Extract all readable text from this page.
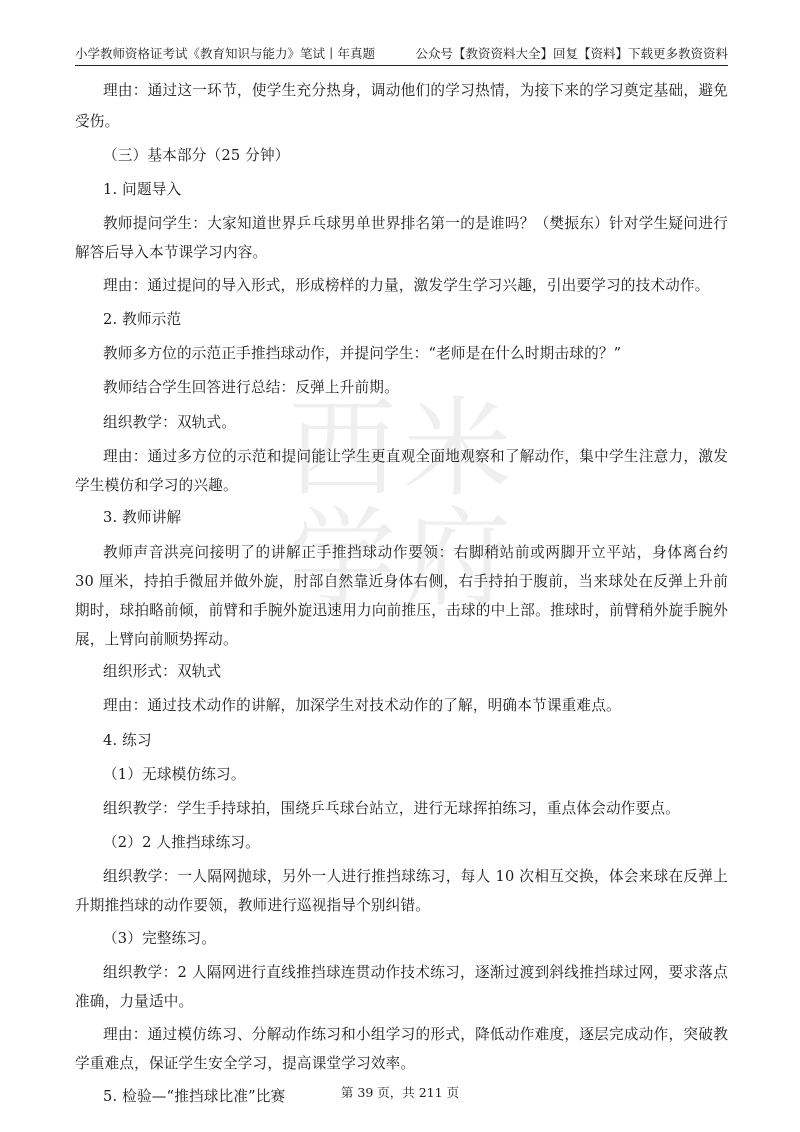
小学教师资格证考试《教育知识与能力》笔试丨年真题	公众号【教资资料大全】回复【资料】下载更多教资资料
西 米
学 府

理由：通过这一环节，使学生充分热身，调动他们的学习热情，为接下来的学习奠定基础，避免受伤。

（三）基本部分（25 分钟）

1. 问题导入

教师提问学生：大家知道世界乒乓球男单世界排名第一的是谁吗？（樊振东）针对学生疑问进行解答后导入本节课学习内容。

理由：通过提问的导入形式，形成榜样的力量，激发学生学习兴趣，引出要学习的技术动作。

2. 教师示范

教师多方位的示范正手推挡球动作，并提问学生：“老师是在什么时期击球的？”

教师结合学生回答进行总结：反弹上升前期。

组织教学：双轨式。

理由：通过多方位的示范和提问能让学生更直观全面地观察和了解动作，集中学生注意力，激发学生模仿和学习的兴趣。

3. 教师讲解

教师声音洪亮问接明了的讲解正手推挡球动作要领：右脚稍站前或两脚开立平站，身体离台约 30 厘米，持拍手微屈并做外旋，肘部自然靠近身体右侧，右手持拍于腹前，当来球处在反弹上升前期时，球拍略前倾，前臂和手腕外旋迅速用力向前推压，击球的中上部。推球时，前臂稍外旋手腕外展，上臂向前顺势挥动。

组织形式：双轨式

理由：通过技术动作的讲解，加深学生对技术动作的了解，明确本节课重难点。

4. 练习

（1）无球模仿练习。

组织教学：学生手持球拍，围绕乒乓球台站立，进行无球挥拍练习，重点体会动作要点。

（2）2 人推挡球练习。

组织教学：一人隔网抛球，另外一人进行推挡球练习，每人 10 次相互交换，体会来球在反弹上升期推挡球的动作要领，教师进行巡视指导个别纠错。

（3）完整练习。

组织教学：2 人隔网进行直线推挡球连贯动作技术练习，逐渐过渡到斜线推挡球过网，要求落点准确，力量适中。

理由：通过模仿练习、分解动作练习和小组学习的形式，降低动作难度，逐层完成动作，突破教学重难点，保证学生安全学习，提高课堂学习效率。

5. 检验—“推挡球比准”比赛	第 39 页，共 211 页
